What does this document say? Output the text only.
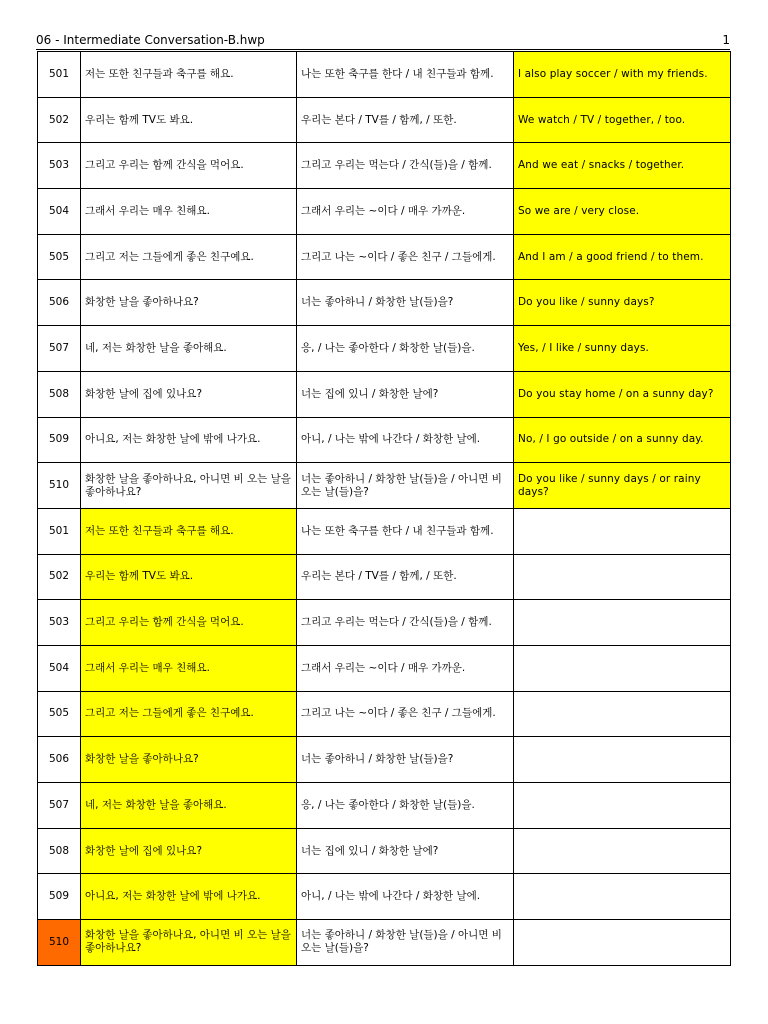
06 - Intermediate Conversation-B.hwp	1
501	저는 또한 친구들과 축구를 해요.	나는 또한 축구를 한다 / 내 친구들과 함께.	I also play soccer / with my friends.
502	우리는 함께 TV도 봐요.	우리는 본다 / TV를 / 함께, / 또한.	We watch / TV / together, / too.
503	그리고 우리는 함께 간식을 먹어요.	그리고 우리는 먹는다 / 간식(들)을 / 함께.	And we eat / snacks / together.
504	그래서 우리는 매우 친해요.	그래서 우리는 ~이다 / 매우 가까운.	So we are / very close.
505	그리고 저는 그들에게 좋은 친구예요.	그리고 나는 ~이다 / 좋은 친구 / 그들에게.	And I am / a good friend / to them.
506	화창한 날을 좋아하나요?	너는 좋아하니 / 화창한 날(들)을?	Do you like / sunny days?
507	네, 저는 화창한 날을 좋아해요.	응, / 나는 좋아한다 / 화창한 날(들)을.	Yes, / I like / sunny days.
508	화창한 날에 집에 있나요?	너는 집에 있니 / 화창한 날에?	Do you stay home / on a sunny day?
509	아니요, 저는 화창한 날에 밖에 나가요.	아니, / 나는 밖에 나간다 / 화창한 날에.	No, / I go outside / on a sunny day.
510	화창한 날을 좋아하나요, 아니면 비 오는 날을 좋아하나요?	너는 좋아하니 / 화창한 날(들)을 / 아니면 비 오는 날(들)을?	Do you like / sunny days / or rainy days?
501	저는 또한 친구들과 축구를 해요.	나는 또한 축구를 한다 / 내 친구들과 함께.	
502	우리는 함께 TV도 봐요.	우리는 본다 / TV를 / 함께, / 또한.	
503	그리고 우리는 함께 간식을 먹어요.	그리고 우리는 먹는다 / 간식(들)을 / 함께.	
504	그래서 우리는 매우 친해요.	그래서 우리는 ~이다 / 매우 가까운.	
505	그리고 저는 그들에게 좋은 친구예요.	그리고 나는 ~이다 / 좋은 친구 / 그들에게.	
506	화창한 날을 좋아하나요?	너는 좋아하니 / 화창한 날(들)을?	
507	네, 저는 화창한 날을 좋아해요.	응, / 나는 좋아한다 / 화창한 날(들)을.	
508	화창한 날에 집에 있나요?	너는 집에 있니 / 화창한 날에?	
509	아니요, 저는 화창한 날에 밖에 나가요.	아니, / 나는 밖에 나간다 / 화창한 날에.	
510	화창한 날을 좋아하나요, 아니면 비 오는 날을 좋아하나요?	너는 좋아하니 / 화창한 날(들)을 / 아니면 비 오는 날(들)을?	
